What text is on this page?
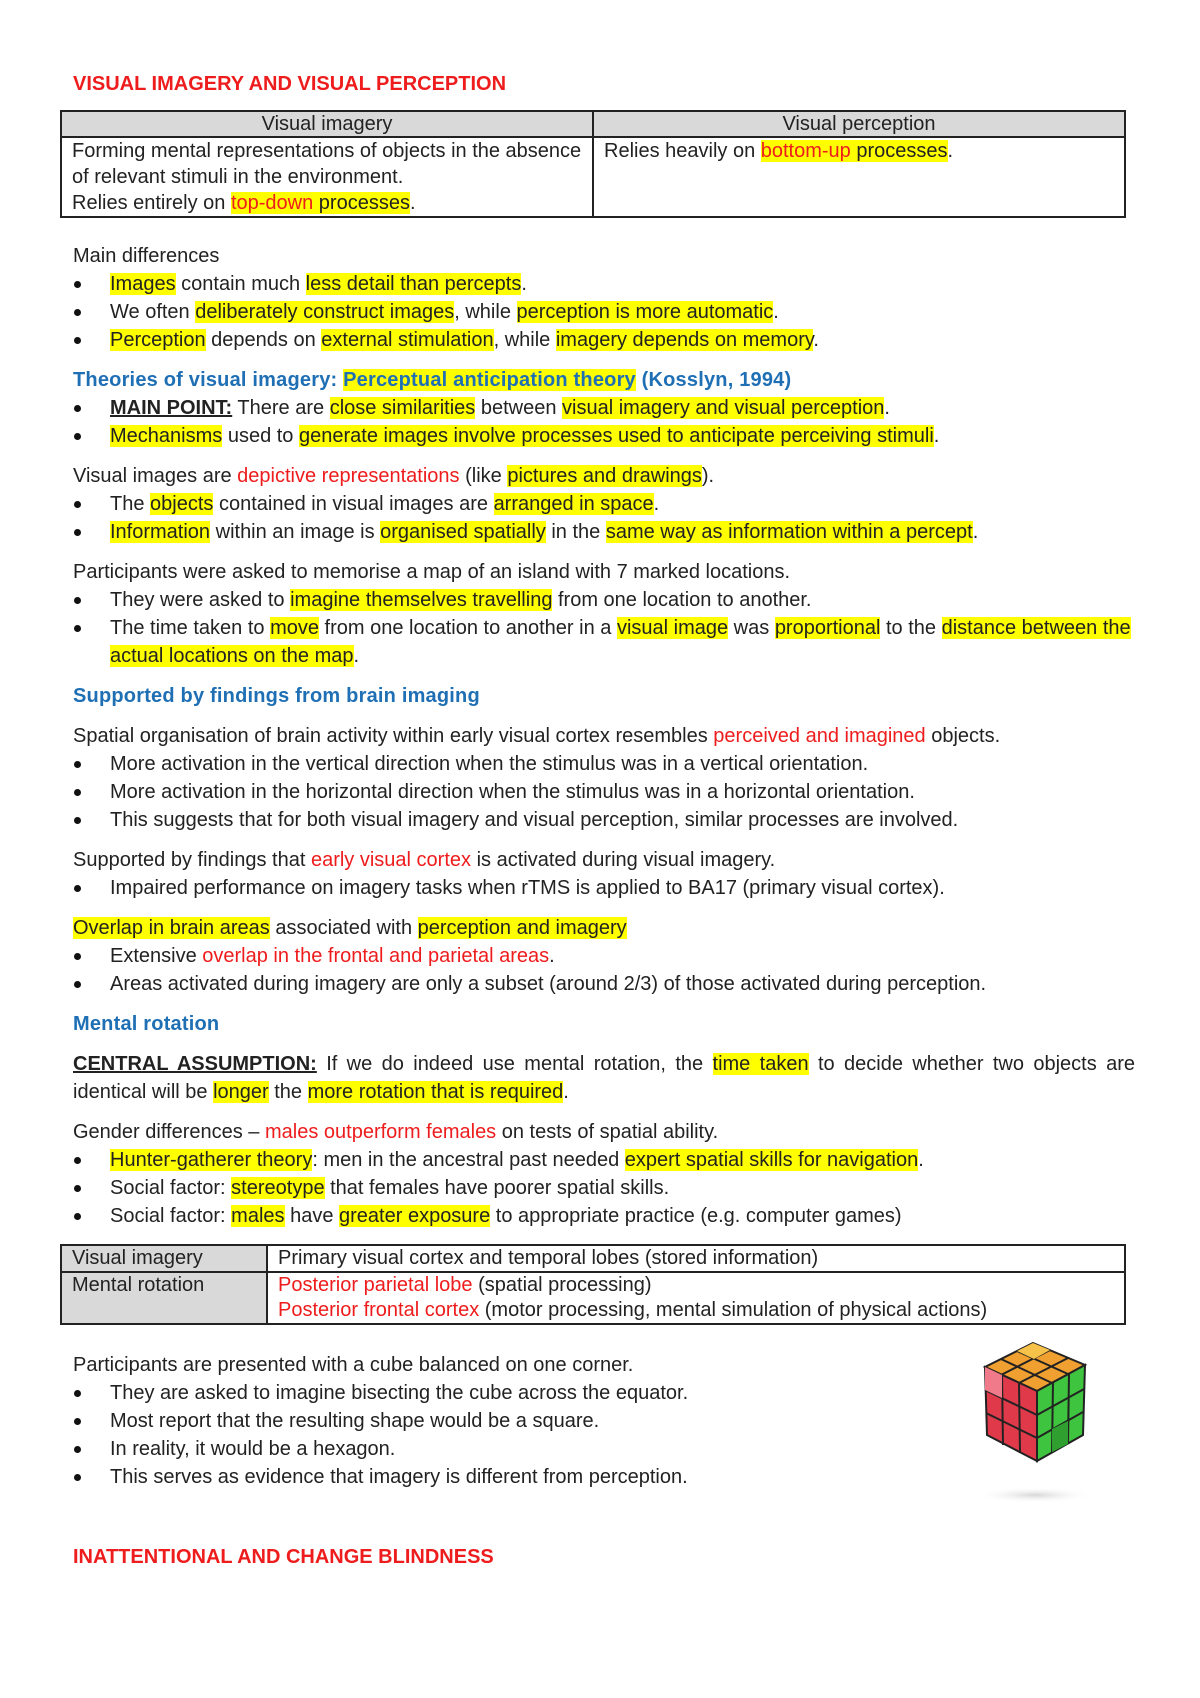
VISUAL IMAGERY AND VISUAL PERCEPTION

Visual imagery	Visual perception
Forming mental representations of objects in the absence of relevant stimuli in the environment.
Relies entirely on top-down processes.	Relies heavily on bottom-up processes.

Main differences

Images contain much less detail than percepts.
We often deliberately construct images, while perception is more automatic.
Perception depends on external stimulation, while imagery depends on memory.

Theories of visual imagery: Perceptual anticipation theory (Kosslyn, 1994)

MAIN POINT: There are close similarities between visual imagery and visual perception.
Mechanisms used to generate images involve processes used to anticipate perceiving stimuli.

Visual images are depictive representations (like pictures and drawings).

The objects contained in visual images are arranged in space.
Information within an image is organised spatially in the same way as information within a percept.

Participants were asked to memorise a map of an island with 7 marked locations.

They were asked to imagine themselves travelling from one location to another.
The time taken to move from one location to another in a visual image was proportional to the distance between the actual locations on the map.

Supported by findings from brain imaging

Spatial organisation of brain activity within early visual cortex resembles perceived and imagined objects.

More activation in the vertical direction when the stimulus was in a vertical orientation.
More activation in the horizontal direction when the stimulus was in a horizontal orientation.
This suggests that for both visual imagery and visual perception, similar processes are involved.

Supported by findings that early visual cortex is activated during visual imagery.

Impaired performance on imagery tasks when rTMS is applied to BA17 (primary visual cortex).

Overlap in brain areas associated with perception and imagery

Extensive overlap in the frontal and parietal areas.
Areas activated during imagery are only a subset (around 2/3) of those activated during perception.

Mental rotation

CENTRAL ASSUMPTION: If we do indeed use mental rotation, the time taken to decide whether two objects are identical will be longer the more rotation that is required.

Gender differences – males outperform females on tests of spatial ability.

Hunter-gatherer theory: men in the ancestral past needed expert spatial skills for navigation.
Social factor: stereotype that females have poorer spatial skills.
Social factor: males have greater exposure to appropriate practice (e.g. computer games)
Visual imagery	Primary visual cortex and temporal lobes (stored information)
Mental rotation	Posterior parietal lobe (spatial processing)
Posterior frontal cortex (motor processing, mental simulation of physical actions)

Participants are presented with a cube balanced on one corner.

They are asked to imagine bisecting the cube across the equator.
Most report that the resulting shape would be a square.
In reality, it would be a hexagon.
This serves as evidence that imagery is different from perception.

INATTENTIONAL AND CHANGE BLINDNESS
